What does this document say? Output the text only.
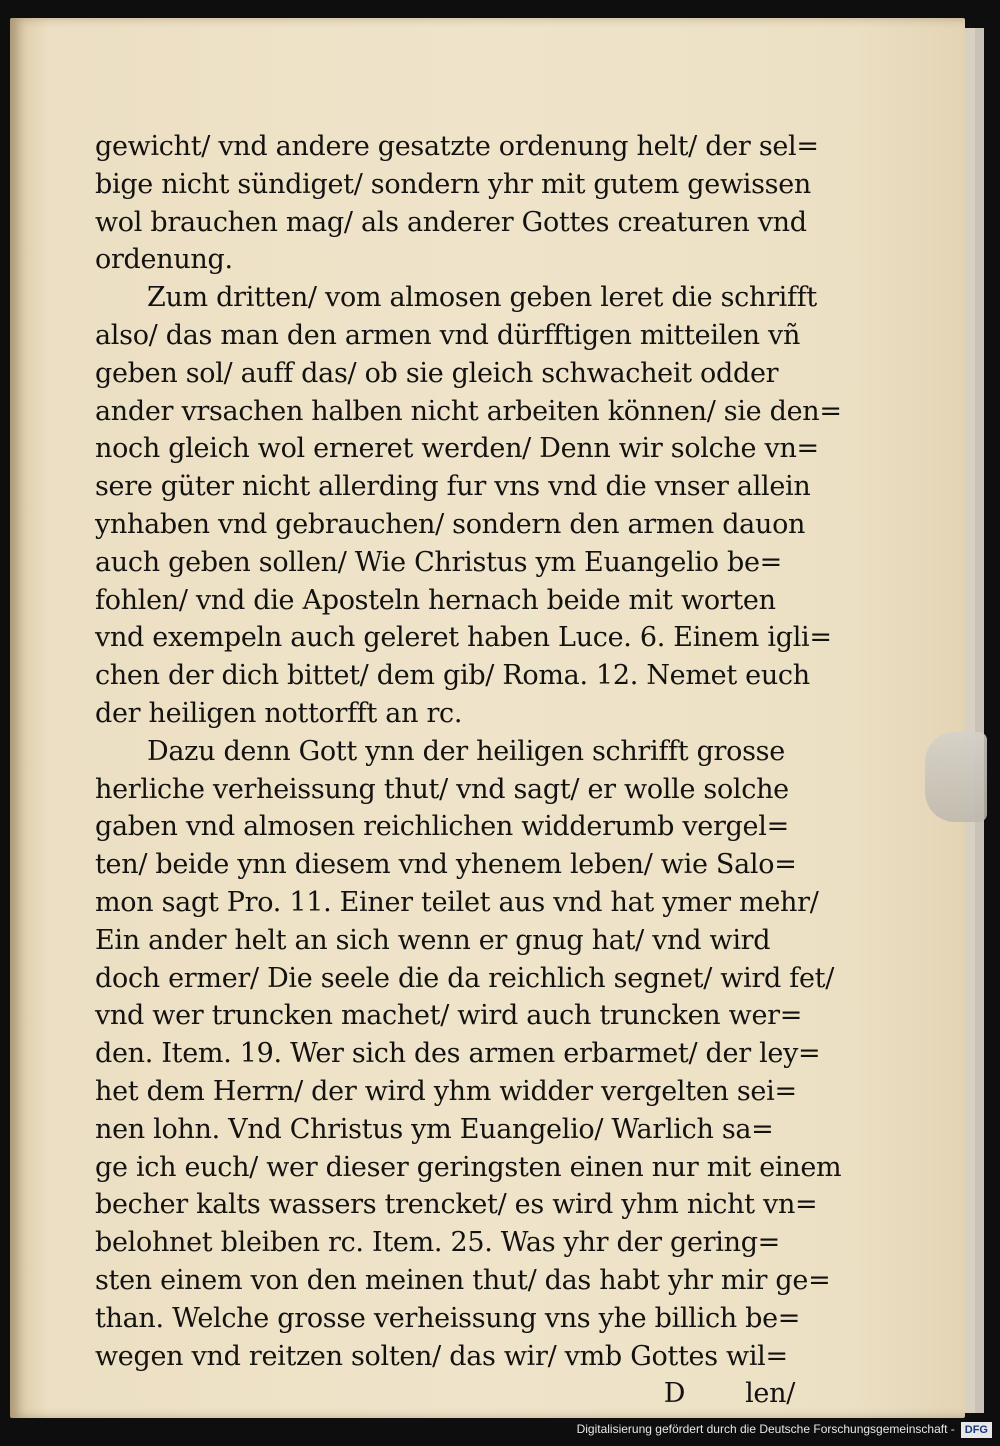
gewicht/ vnd andere gesatzte ordenung helt/ der sel=
bige nicht sündiget/ sondern yhr mit gutem gewissen
wol brauchen mag/ als anderer Gottes creaturen vnd
ordenung.
Zum dritten/ vom almosen geben leret die schrifft
also/ das man den armen vnd dürfftigen mitteilen vñ
geben sol/ auff das/ ob sie gleich schwacheit odder
ander vrsachen halben nicht arbeiten können/ sie den=
noch gleich wol erneret werden/ Denn wir solche vn=
sere güter nicht allerding fur vns vnd die vnser allein
ynhaben vnd gebrauchen/ sondern den armen dauon
auch geben sollen/ Wie Christus ym Euangelio be=
fohlen/ vnd die Aposteln hernach beide mit worten
vnd exempeln auch geleret haben Luce. 6. Einem igli=
chen der dich bittet/ dem gib/ Roma. 12. Nemet euch
der heiligen nottorfft an rc.
Dazu denn Gott ynn der heiligen schrifft grosse
herliche verheissung thut/ vnd sagt/ er wolle solche
gaben vnd almosen reichlichen widderumb vergel=
ten/ beide ynn diesem vnd yhenem leben/ wie Salo=
mon sagt Pro. 11. Einer teilet aus vnd hat ymer mehr/
Ein ander helt an sich wenn er gnug hat/ vnd wird
doch ermer/ Die seele die da reichlich segnet/ wird fet/
vnd wer truncken machet/ wird auch truncken wer=
den. Item. 19. Wer sich des armen erbarmet/ der ley=
het dem Herrn/ der wird yhm widder vergelten sei=
nen lohn. Vnd Christus ym Euangelio/ Warlich sa=
ge ich euch/ wer dieser geringsten einen nur mit einem
becher kalts wassers trencket/ es wird yhm nicht vn=
belohnet bleiben rc. Item. 25. Was yhr der gering=
sten einem von den meinen thut/ das habt yhr mir ge=
than. Welche grosse verheissung vns yhe billich be=
wegen vnd reitzen solten/ das wir/ vmb Gottes wil=
D len/
Digitalisierung gefördert durch die Deutsche Forschungsgemeinschaft - DFG
